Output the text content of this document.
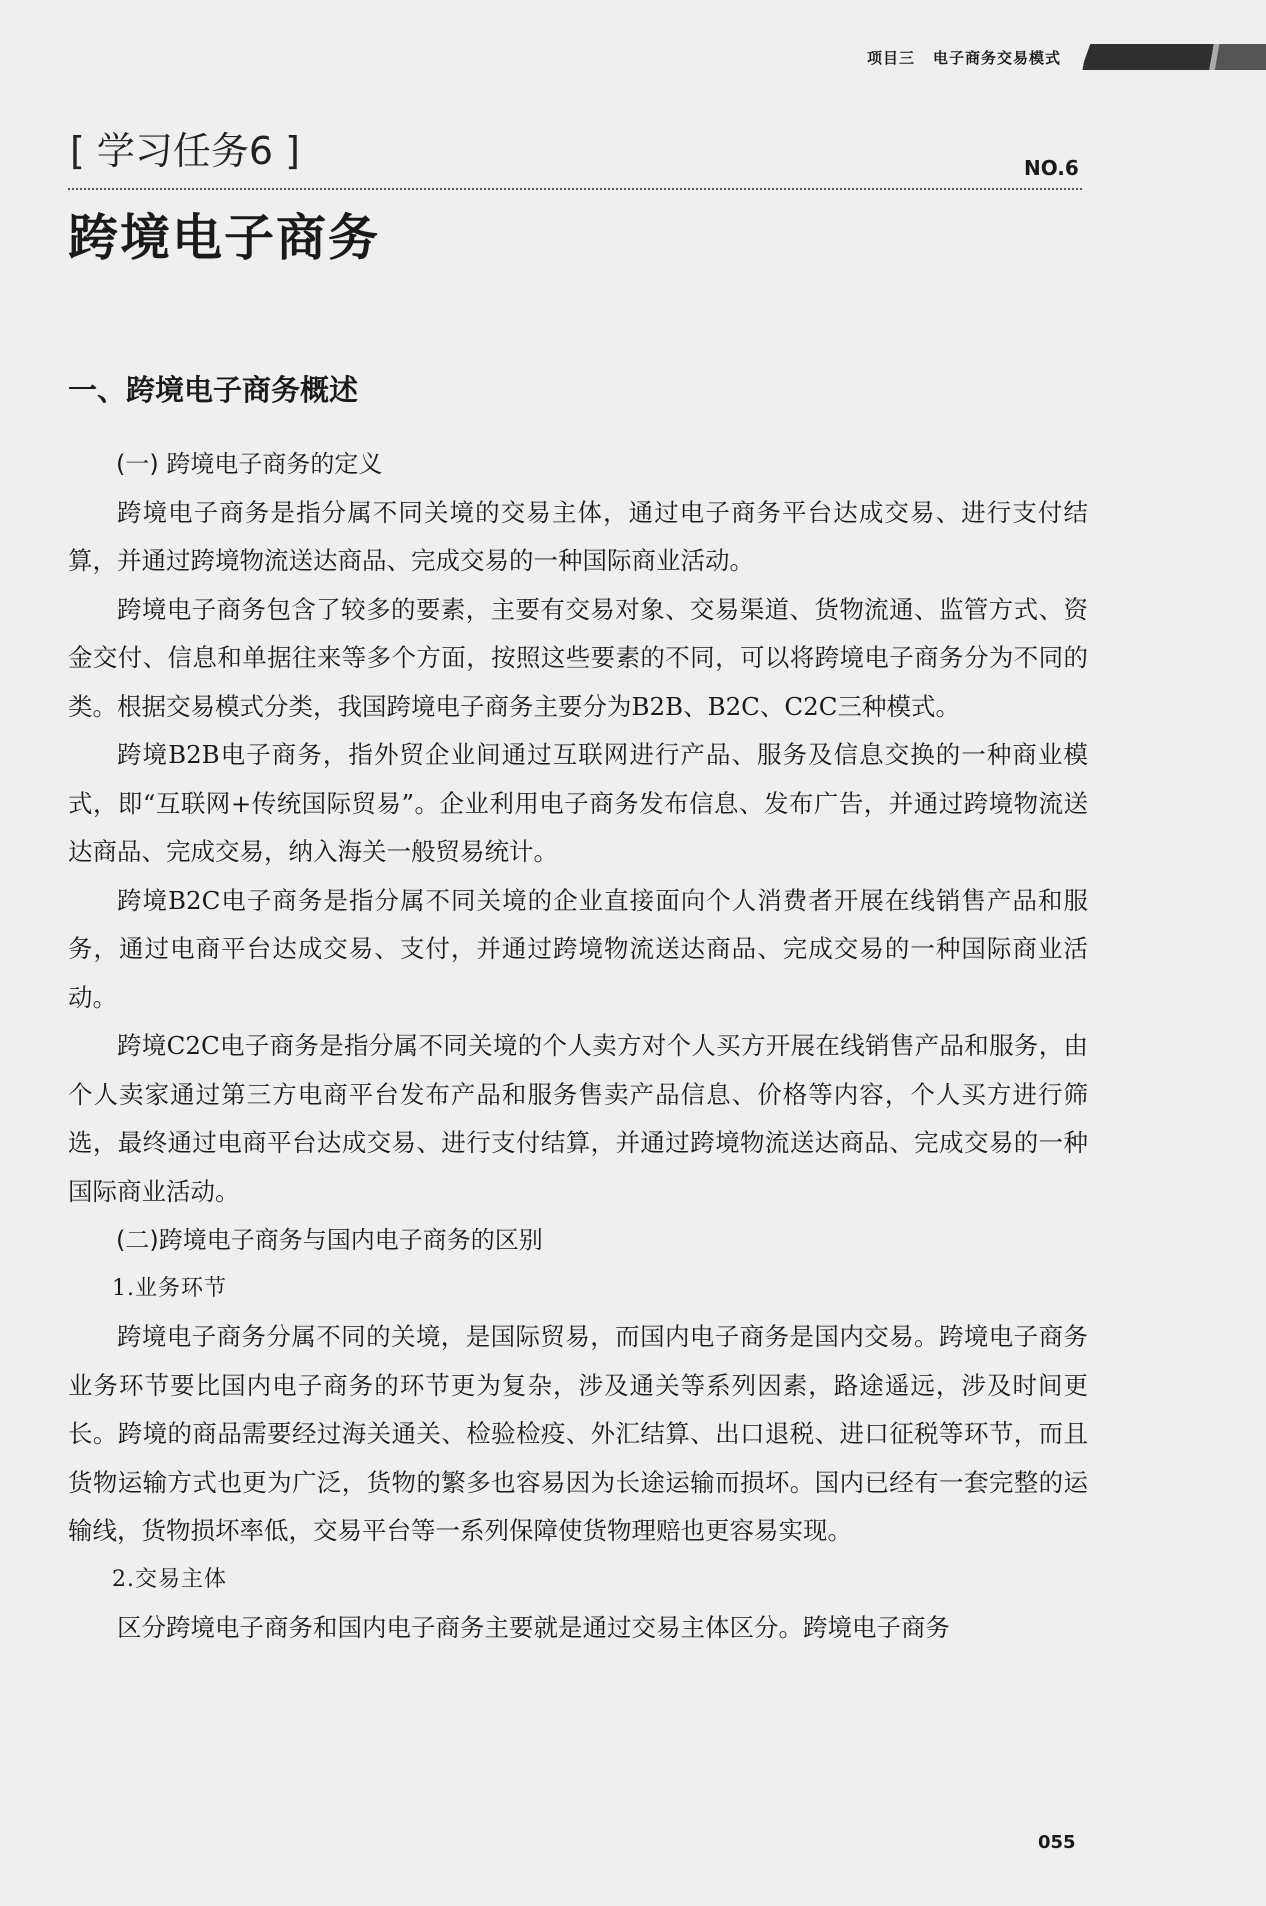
项目三 电子商务交易模式
[ 学习任务6 ]	NO.6
跨境电子商务
一、跨境电子商务概述

(一) 跨境电子商务的定义

跨境电子商务是指分属不同关境的交易主体，通过电子商务平台达成交易、进行支付结算，并通过跨境物流送达商品、完成交易的一种国际商业活动。

跨境电子商务包含了较多的要素，主要有交易对象、交易渠道、货物流通、监管方式、资金交付、信息和单据往来等多个方面，按照这些要素的不同，可以将跨境电子商务分为不同的类。根据交易模式分类，我国跨境电子商务主要分为B2B、B2C、C2C三种模式。

跨境B2B电子商务，指外贸企业间通过互联网进行产品、服务及信息交换的一种商业模式，即“互联网+传统国际贸易”。企业利用电子商务发布信息、发布广告，并通过跨境物流送达商品、完成交易，纳入海关一般贸易统计。

跨境B2C电子商务是指分属不同关境的企业直接面向个人消费者开展在线销售产品和服务，通过电商平台达成交易、支付，并通过跨境物流送达商品、完成交易的一种国际商业活动。

跨境C2C电子商务是指分属不同关境的个人卖方对个人买方开展在线销售产品和服务，由个人卖家通过第三方电商平台发布产品和服务售卖产品信息、价格等内容，个人买方进行筛选，最终通过电商平台达成交易、进行支付结算，并通过跨境物流送达商品、完成交易的一种国际商业活动。

(二)跨境电子商务与国内电子商务的区别

1.业务环节

跨境电子商务分属不同的关境，是国际贸易，而国内电子商务是国内交易。跨境电子商务业务环节要比国内电子商务的环节更为复杂，涉及通关等系列因素，路途遥远，涉及时间更长。跨境的商品需要经过海关通关、检验检疫、外汇结算、出口退税、进口征税等环节，而且货物运输方式也更为广泛，货物的繁多也容易因为长途运输而损坏。国内已经有一套完整的运输线，货物损坏率低，交易平台等一系列保障使货物理赔也更容易实现。

2.交易主体

区分跨境电子商务和国内电子商务主要就是通过交易主体区分。跨境电子商务

055
